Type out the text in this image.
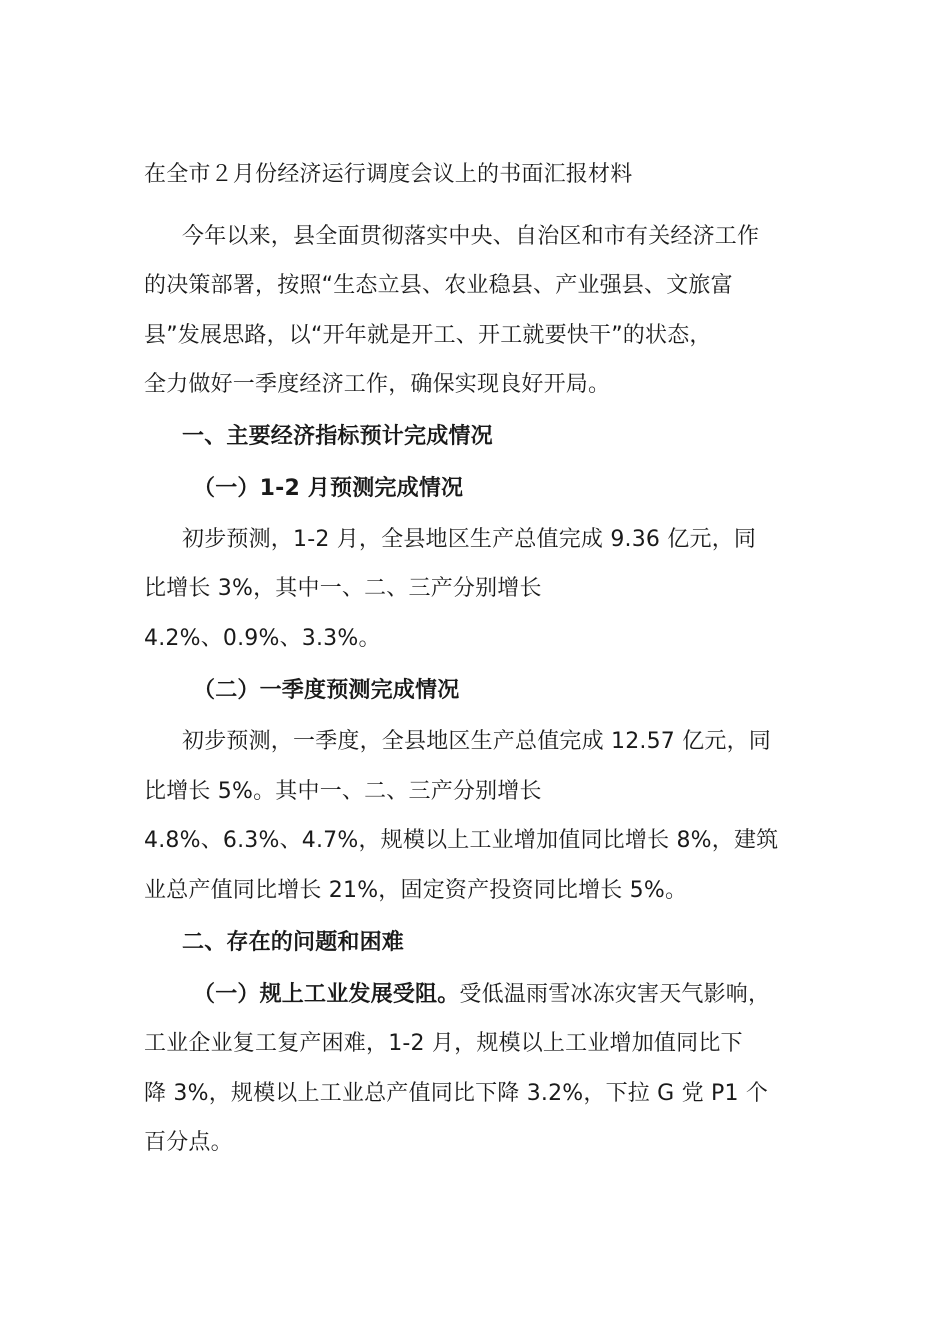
在全市２月份经济运行调度会议上的书面汇报材料
今年以来，县全面贯彻落实中央、自治区和市有关经济工作
的决策部署，按照“生态立县、农业稳县、产业强县、文旅富
县”发展思路，以“开年就是开工、开工就要快干”的状态，
全力做好一季度经济工作，确保实现良好开局。
一、主要经济指标预计完成情况
（一）1-2 月预测完成情况
初步预测，1-2 月，全县地区生产总值完成 9.36 亿元，同
比增长 3%，其中一、二、三产分别增长
4.2%、0.9%、3.3%。
（二）一季度预测完成情况
初步预测，一季度，全县地区生产总值完成 12.57 亿元，同
比增长 5%。其中一、二、三产分别增长
4.8%、6.3%、4.7%，规模以上工业增加值同比增长 8%，建筑
业总产值同比增长 21%，固定资产投资同比增长 5%。
二、存在的问题和困难
（一）规上工业发展受阻。受低温雨雪冰冻灾害天气影响，
工业企业复工复产困难，1-2 月，规模以上工业增加值同比下
降 3%，规模以上工业总产值同比下降 3.2%，下拉 G 党 P1 个
百分点。
